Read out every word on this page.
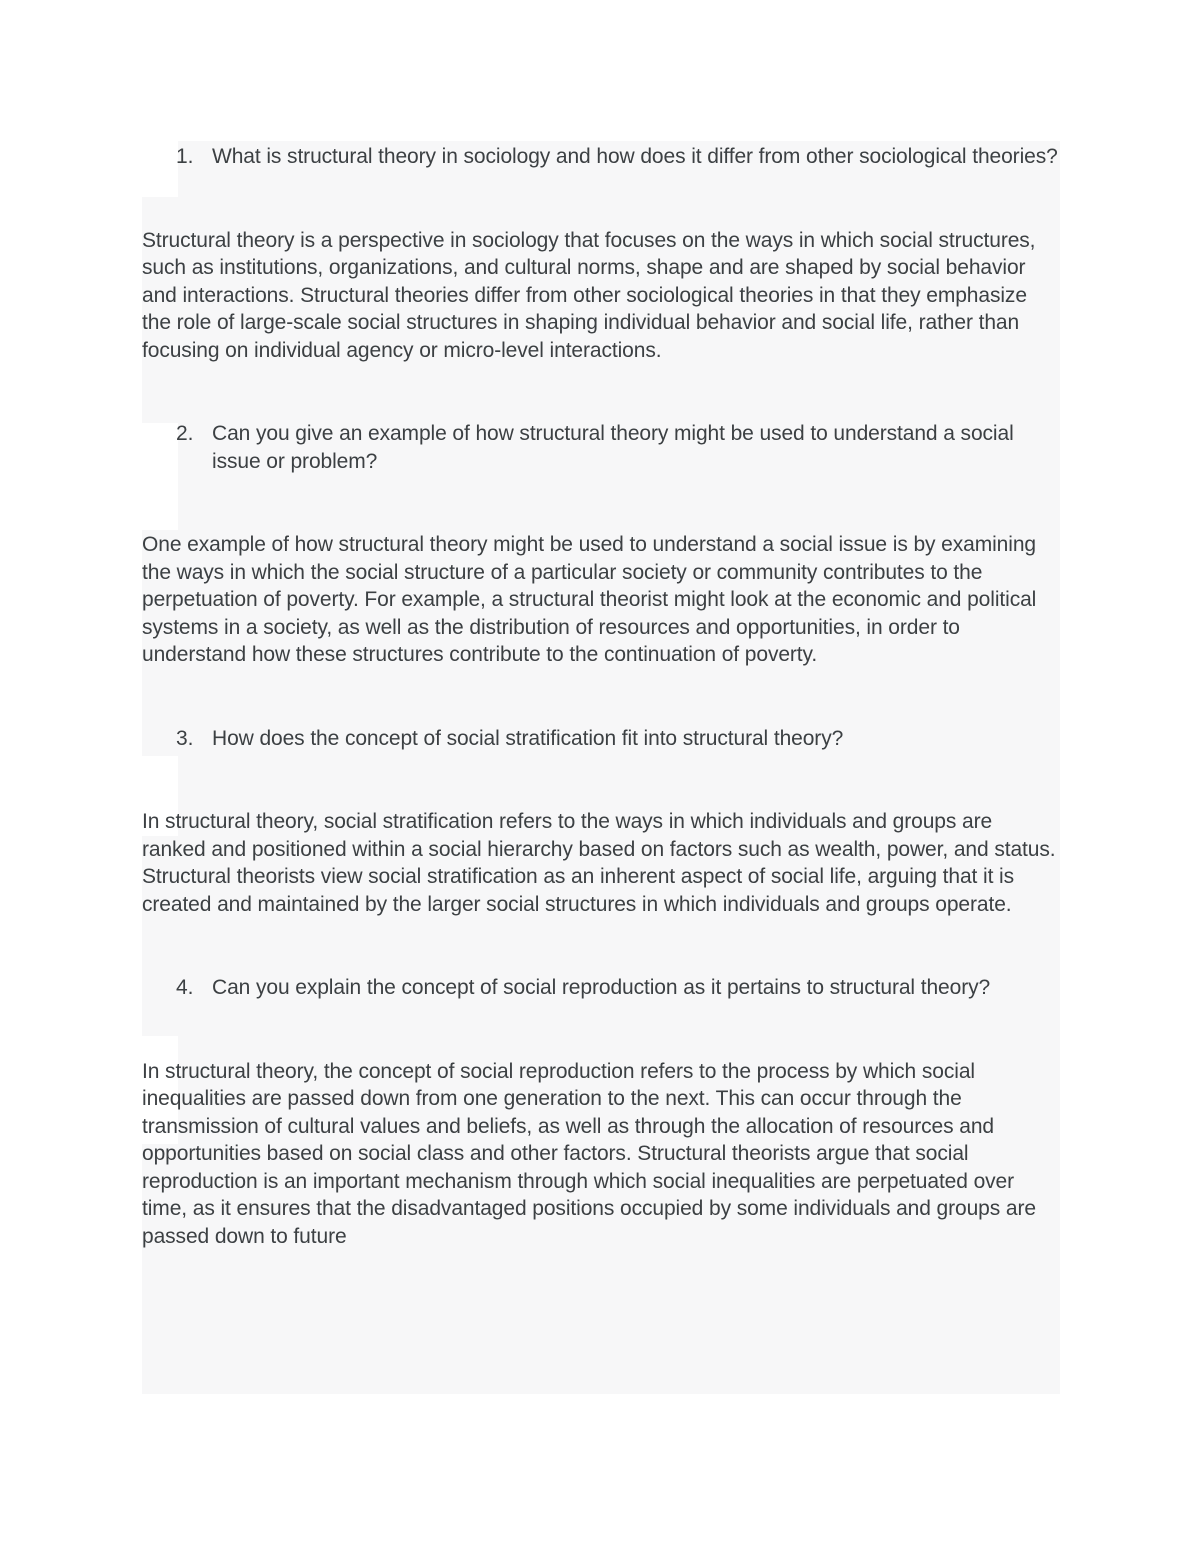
1. What is structural theory in sociology and how does it differ from other sociological theories?
Structural theory is a perspective in sociology that focuses on the ways in which social structures, such as institutions, organizations, and cultural norms, shape and are shaped by social behavior and interactions. Structural theories differ from other sociological theories in that they emphasize the role of large-scale social structures in shaping individual behavior and social life, rather than focusing on individual agency or micro-level interactions.
2. Can you give an example of how structural theory might be used to understand a social issue or problem?
One example of how structural theory might be used to understand a social issue is by examining the ways in which the social structure of a particular society or community contributes to the perpetuation of poverty. For example, a structural theorist might look at the economic and political systems in a society, as well as the distribution of resources and opportunities, in order to understand how these structures contribute to the continuation of poverty.
3. How does the concept of social stratification fit into structural theory?
In structural theory, social stratification refers to the ways in which individuals and groups are ranked and positioned within a social hierarchy based on factors such as wealth, power, and status. Structural theorists view social stratification as an inherent aspect of social life, arguing that it is created and maintained by the larger social structures in which individuals and groups operate.
4. Can you explain the concept of social reproduction as it pertains to structural theory?
In structural theory, the concept of social reproduction refers to the process by which social inequalities are passed down from one generation to the next. This can occur through the transmission of cultural values and beliefs, as well as through the allocation of resources and opportunities based on social class and other factors. Structural theorists argue that social reproduction is an important mechanism through which social inequalities are perpetuated over time, as it ensures that the disadvantaged positions occupied by some individuals and groups are passed down to future
